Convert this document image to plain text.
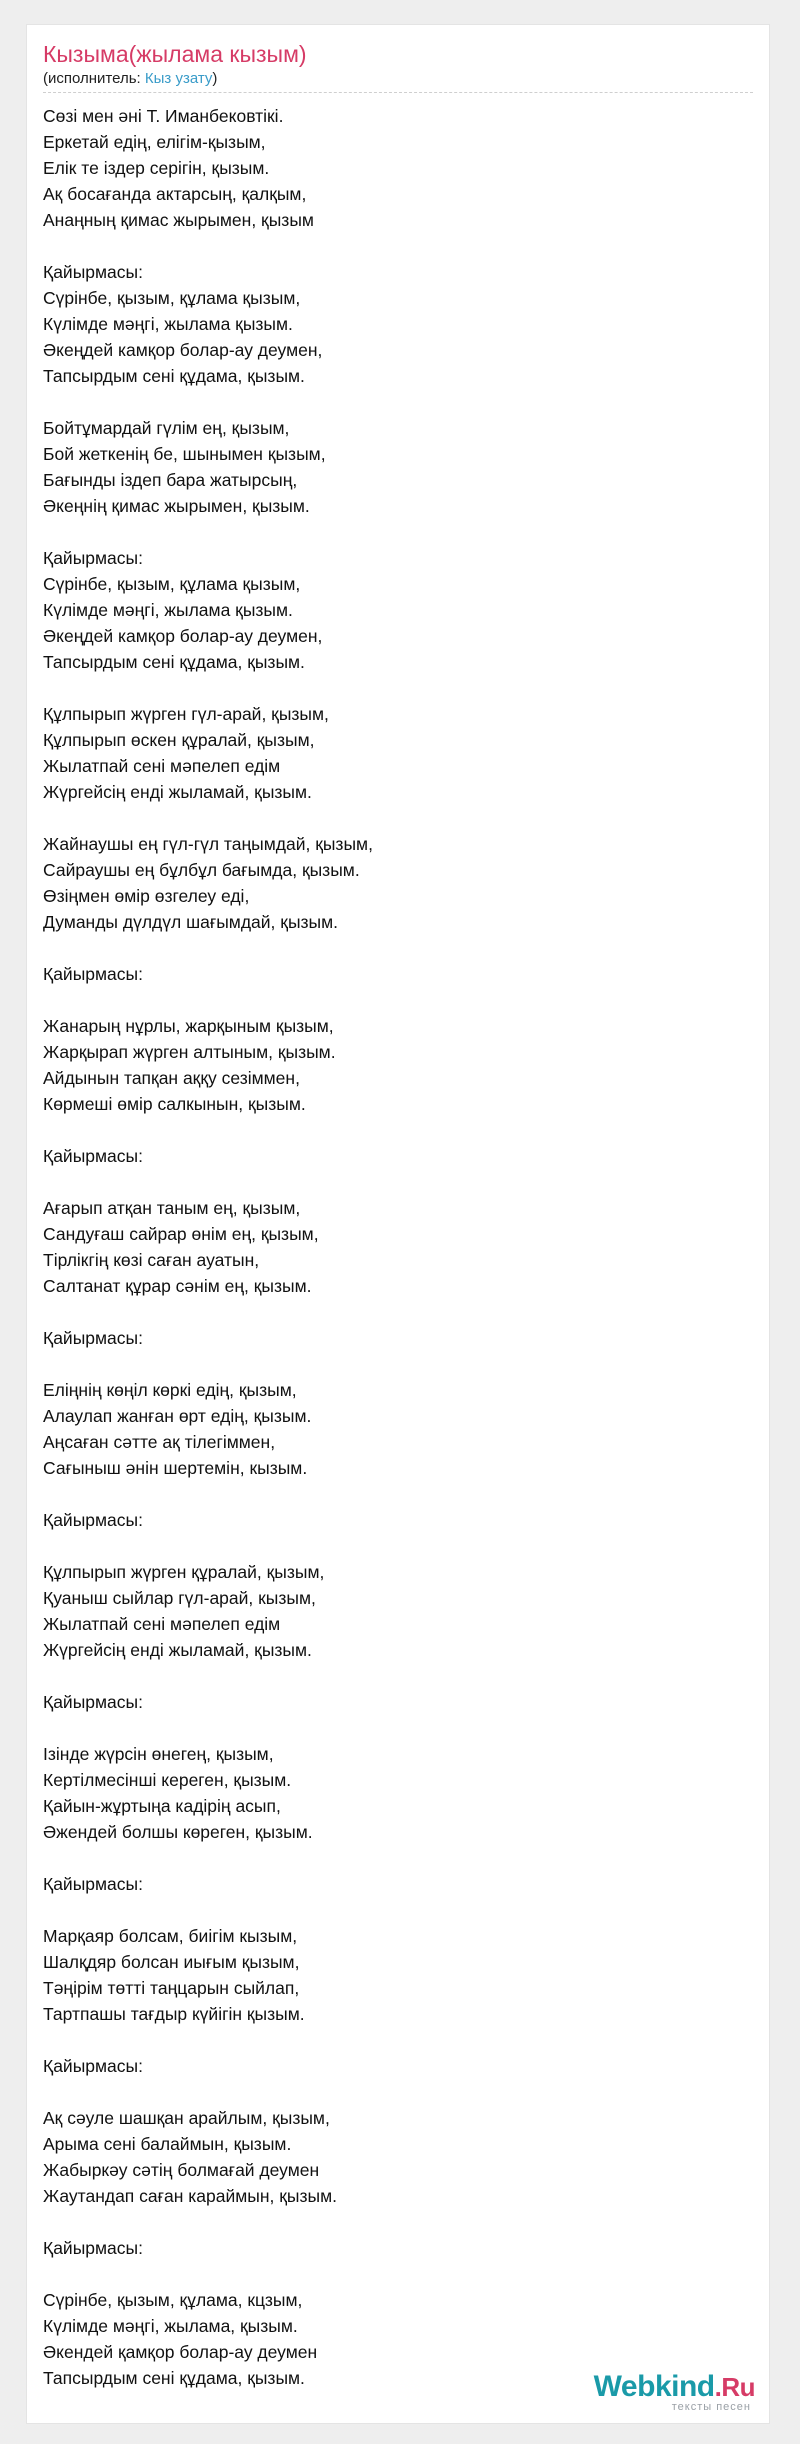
Кызыма(жылама кызым)
(исполнитель: Кыз узату)
Сөзі мен әні Т. Иманбековтікі.
Еркетай едің, елігім-қызым,
Елік те іздер серігін, қызым.
Ақ босағанда актарсың, қалқым,
Анаңның қимас жырымен, қызым
Қайырмасы:
Сүрінбе, қызым, құлама қызым,
Күлімде мәңгі, жылама қызым.
Әкеңдей камқор болар-ау деумен,
Тапсырдым сені құдама, қызым.
Бойтұмардай гүлім ең, қызым,
Бой жеткенің бе, шынымен қызым,
Бағынды іздеп бара жатырсың,
Әкеңнің қимас жырымен, қызым.
Қайырмасы:
Сүрінбе, қызым, құлама қызым,
Күлімде мәңгі, жылама қызым.
Әкеңдей камқор болар-ау деумен,
Тапсырдым сені құдама, қызым.
Құлпырып жүрген гүл-арай, қызым,
Құлпырып өскен құралай, қызым,
Жылатпай сені мәпелеп едім
Жүргейсің енді жыламай, қызым.
Жайнаушы ең гүл-гүл таңымдай, қызым,
Сайраушы ең бұлбұл бағымда, қызым.
Өзіңмен өмір өзгелеу еді,
Думанды дүлдүл шағымдай, қызым.
Қайырмасы:
Жанарың нұрлы, жарқыным қызым,
Жарқырап жүрген алтыным, қызым.
Айдынын тапқан аққу сезіммен,
Көрмеші өмір салкынын, қызым.
Қайырмасы:
Ағарып атқан таным ең, қызым,
Сандуғаш сайрар өнім ең, қызым,
Тірлікгің көзі саған ауатын,
Салтанат құрар сәнім ең, қызым.
Қайырмасы:
Еліңнің көңіл көркі едің, қызым,
Алаулап жанған өрт едің, қызым.
Аңсаған сәтте ақ тілегіммен,
Сағыныш әнін шертемін, кызым.
Қайырмасы:
Құлпырып жүрген құралай, қызым,
Қуаныш сыйлар гүл-арай, кызым,
Жылатпай сені мәпелеп едім
Жүргейсің енді жыламай, қызым.
Қайырмасы:
Ізінде жүрсін өнегең, қызым,
Кертілмесінші кереген, қызым.
Қайын-жұртыңа кадірің асып,
Әженде​й болшы көреген, қызым.
Қайырмасы:
Марқаяр болсам, биігім кызым,
Шалқдяр болсан иығым қызым,
Тәңірім төтті таңцарын сыйлап,
Тартпашы тағдыр күйігін қызым.
Қайырмасы:
Ақ сәуле шашқан арайлым, қызым,
Арыма сені балаймын, қызым.
Жабыркәу сәтің болмағай деумен
Жаутандап саған караймын, қызым.
Қайырмасы:
Сүрінбе, қызым, құлама, кцзым,
Күлімде мәңгі, жылама, қызым.
Әкендей қамқор болар-ау деумен
Тапсырдым сені құдама, қызым.	Webkind.Ru
тексты песен
